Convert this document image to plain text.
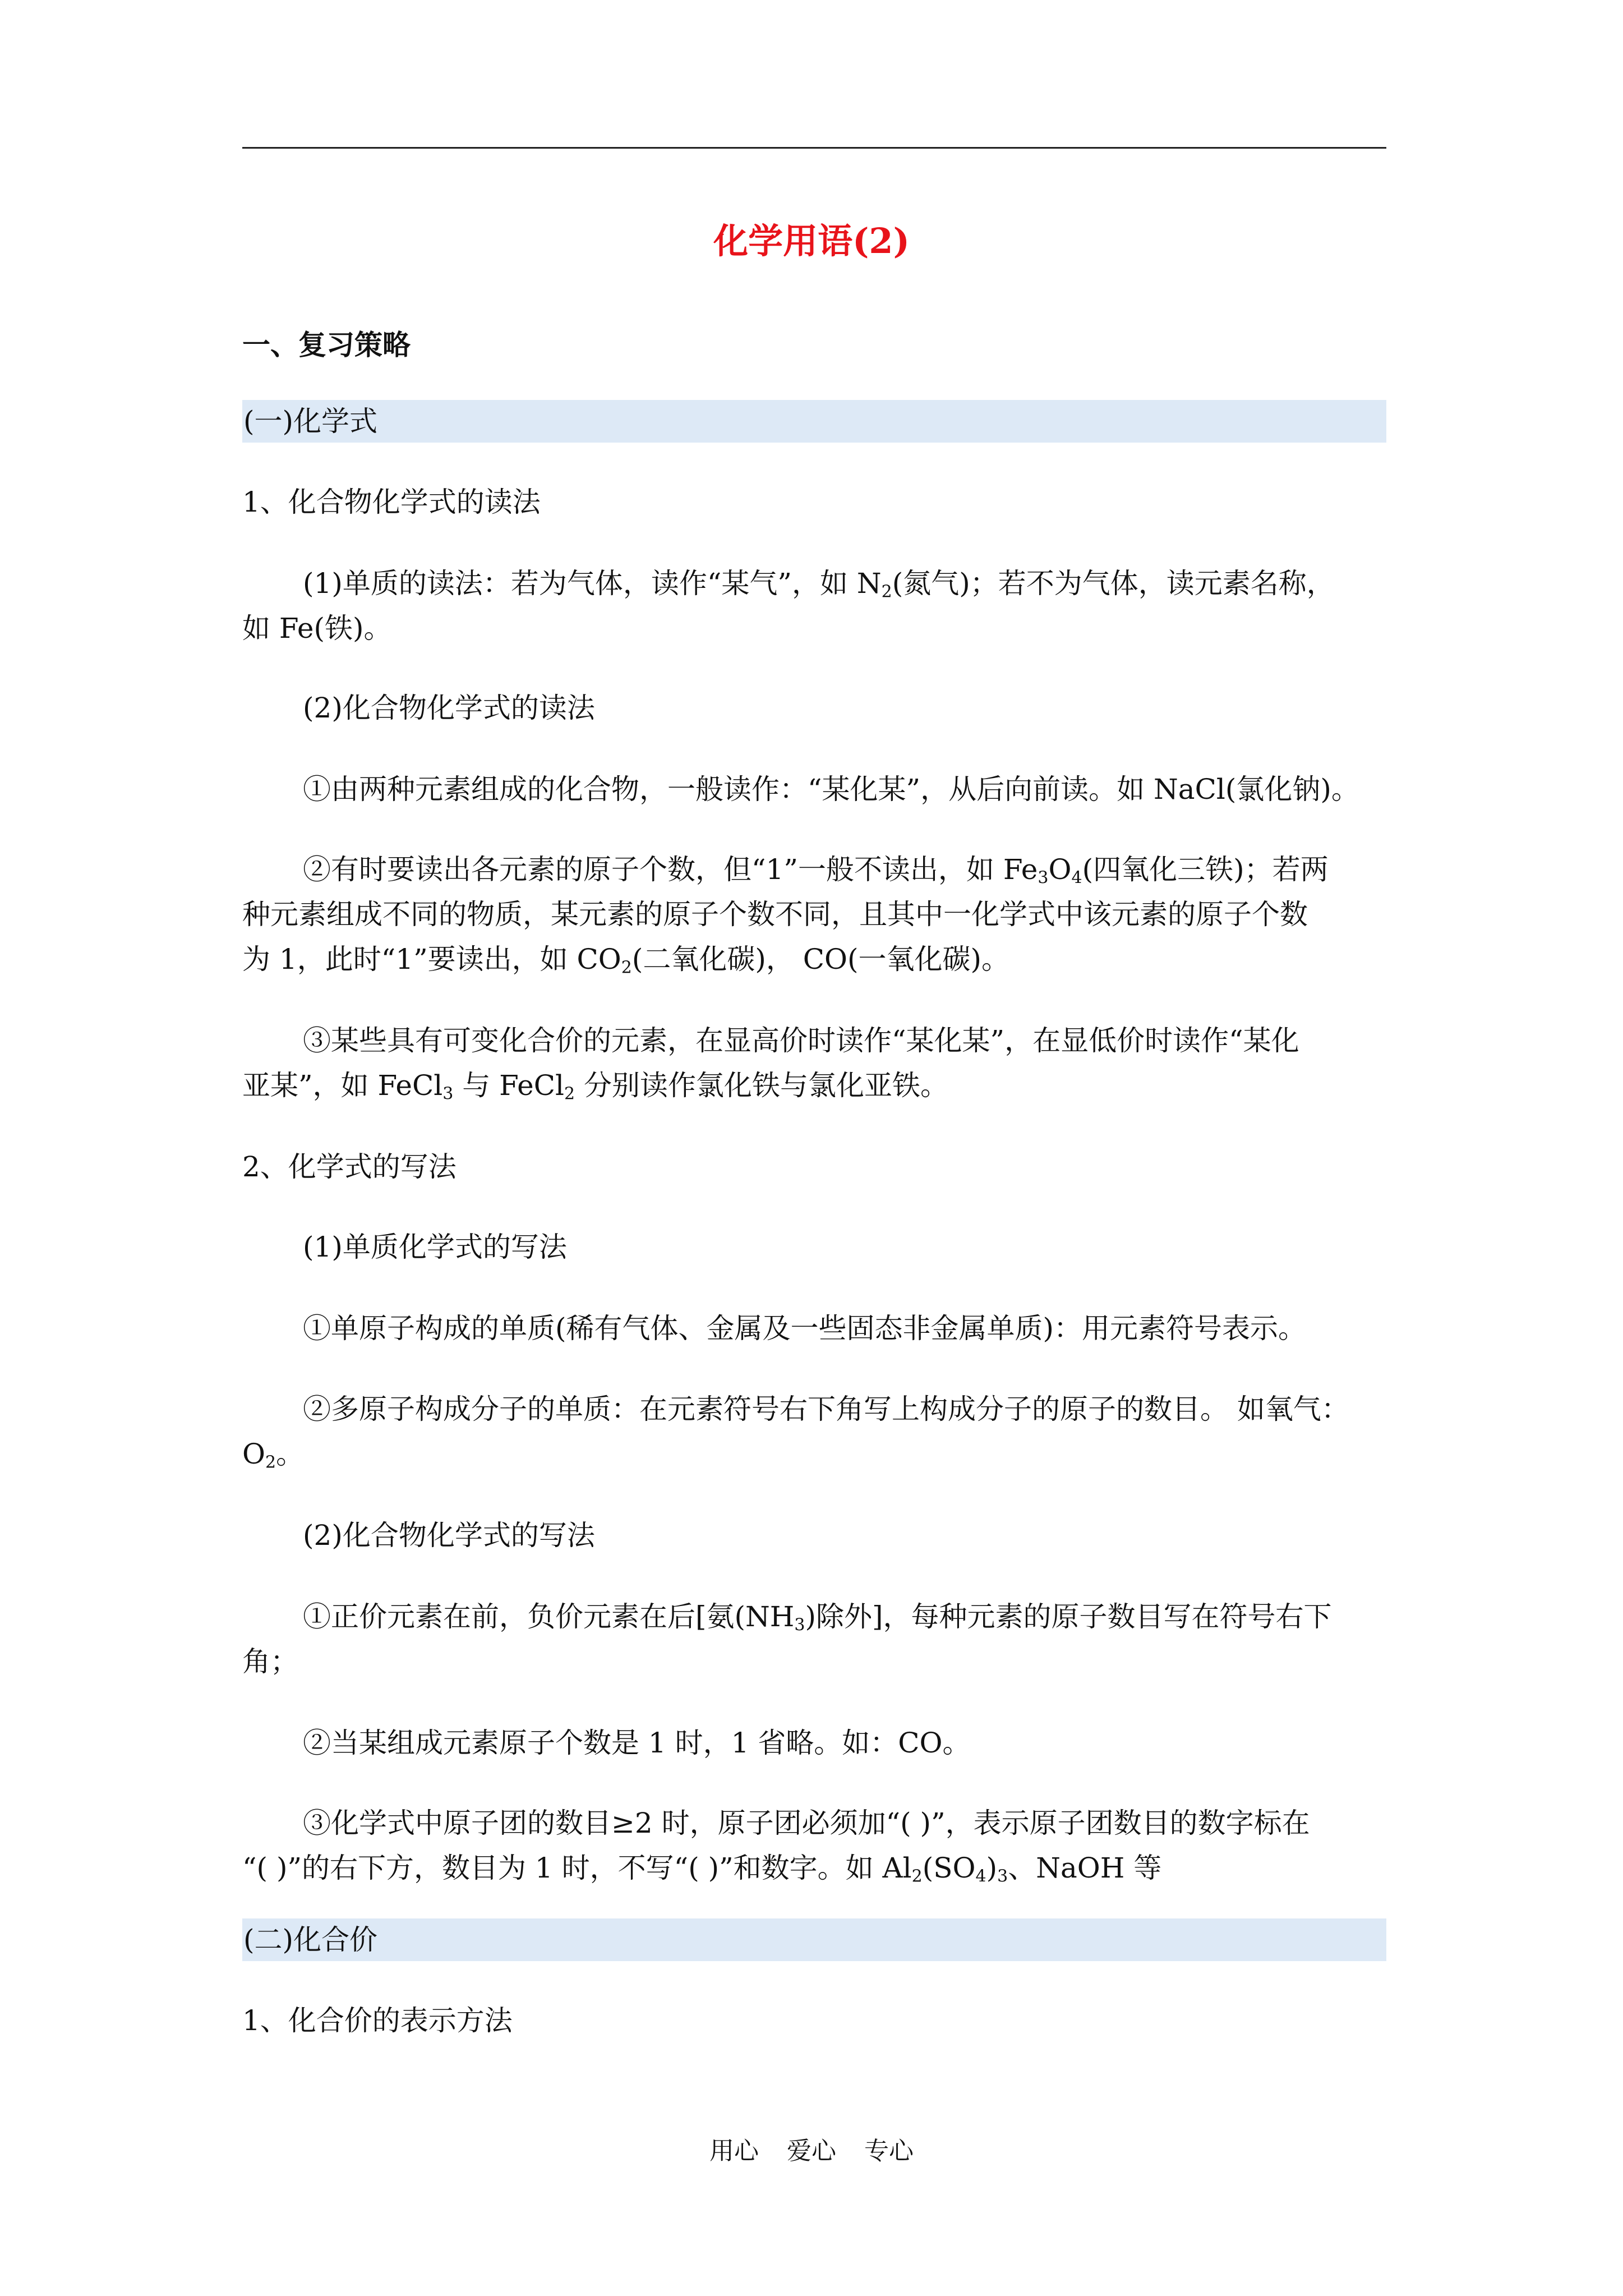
化学用语(2)
一、复习策略
(一)化学式

1、化合物化学式的读法

(1)单质的读法：若为气体，读作“某气”，如 $N_2$(氮气)；若不为气体，读元素名称，

如 Fe(铁)。

(2)化合物化学式的读法

①由两种元素组成的化合物，一般读作：“某化某”，从后向前读。如 NaCl(氯化钠)。

②有时要读出各元素的原子个数，但“1”一般不读出，如 $Fe_3O_4$(四氧化三铁)；若两

种元素组成不同的物质，某元素的原子个数不同，且其中一化学式中该元素的原子个数

为 1，此时“1”要读出，如 $CO_2$(二氧化碳)， CO(一氧化碳)。

③某些具有可变化合价的元素，在显高价时读作“某化某”，在显低价时读作“某化

亚某”，如 FeCl$_3$ 与 FeCl$_2$ 分别读作氯化铁与氯化亚铁。

2、化学式的写法

(1)单质化学式的写法

①单原子构成的单质(稀有气体、金属及一些固态非金属单质)：用元素符号表示。

②多原子构成分子的单质：在元素符号右下角写上构成分子的原子的数目。 如氧气：

$O_2$。

(2)化合物化学式的写法

①正价元素在前，负价元素在后[氨$(NH_3)$除外]，每种元素的原子数目写在符号右下

角；

②当某组成元素原子个数是 1 时，1 省略。如：CO。

③化学式中原子团的数目≥2 时，原子团必须加“( )”，表示原子团数目的数字标在

“( )”的右下方，数目为 1 时，不写“( )”和数字。如 $Al_2(SO_4)_3$、NaOH 等

(二)化合价

1、化合价的表示方法

用心 爱心 专心
